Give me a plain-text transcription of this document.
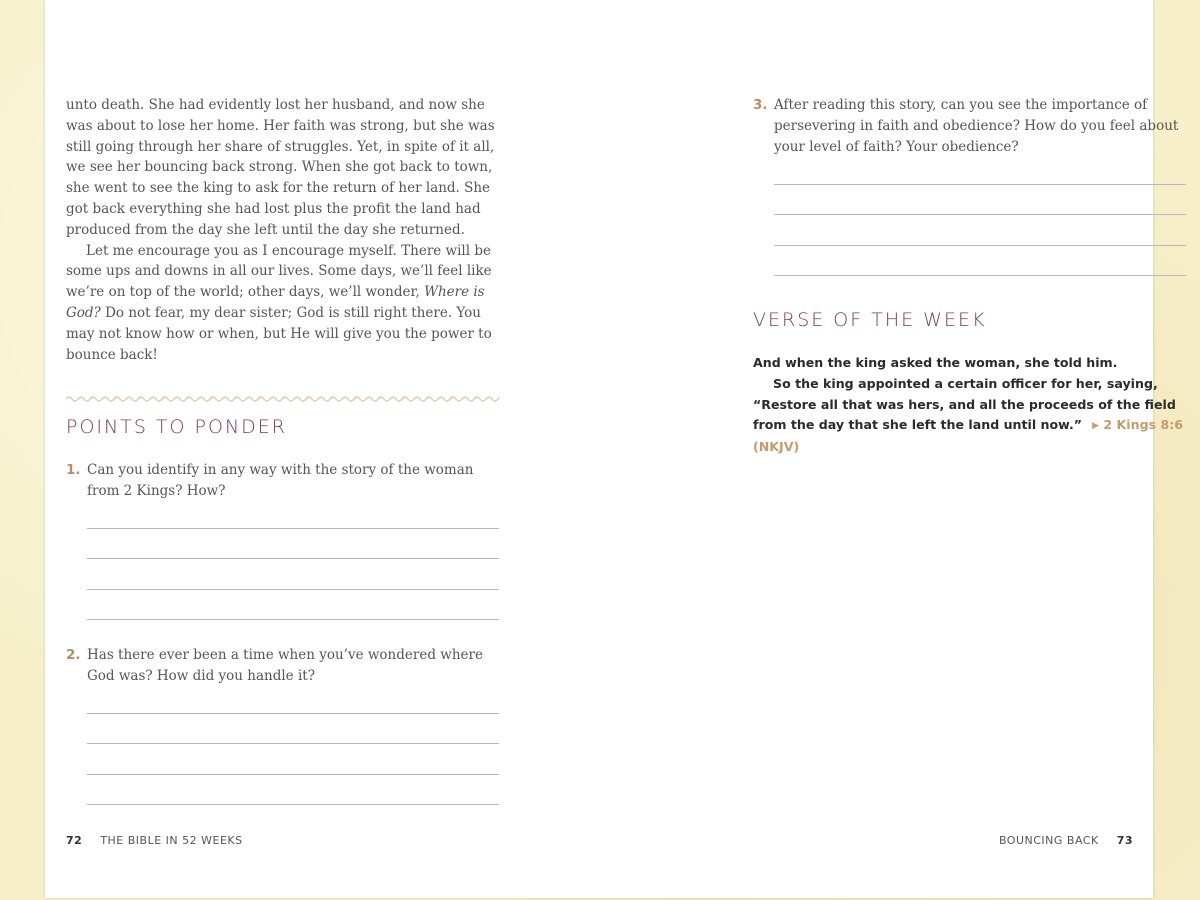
unto death. She had evidently lost her husband, and now she was about to lose her home. Her faith was strong, but she was still going through her share of struggles. Yet, in spite of it all, we see her bouncing back strong. When she got back to town, she went to see the king to ask for the return of her land. She got back everything she had lost plus the profit the land had produced from the day she left until the day she returned.

Let me encourage you as I encourage myself. There will be some ups and downs in all our lives. Some days, we’ll feel like we’re on top of the world; other days, we’ll wonder, Where is God? Do not fear, my dear sister; God is still right there. You may not know how or when, but He will give you the power to bounce back!

POINTS TO PONDER
1. Can you identify in any way with the story of the woman from 2 Kings? How?
2. Has there ever been a time when you’ve wondered where God was? How did you handle it?
72 THE BIBLE IN 52 WEEKS
3. After reading this story, can you see the importance of persevering in faith and obedience? How do you feel about your level of faith? Your obedience?
VERSE OF THE WEEK

And when the king asked the woman, she told him.

So the king appointed a certain officer for her, saying, “Restore all that was hers, and all the proceeds of the field from the day that she left the land until now.” ▶ 2 Kings 8:6 (NKJV)

BOUNCING BACK 73
